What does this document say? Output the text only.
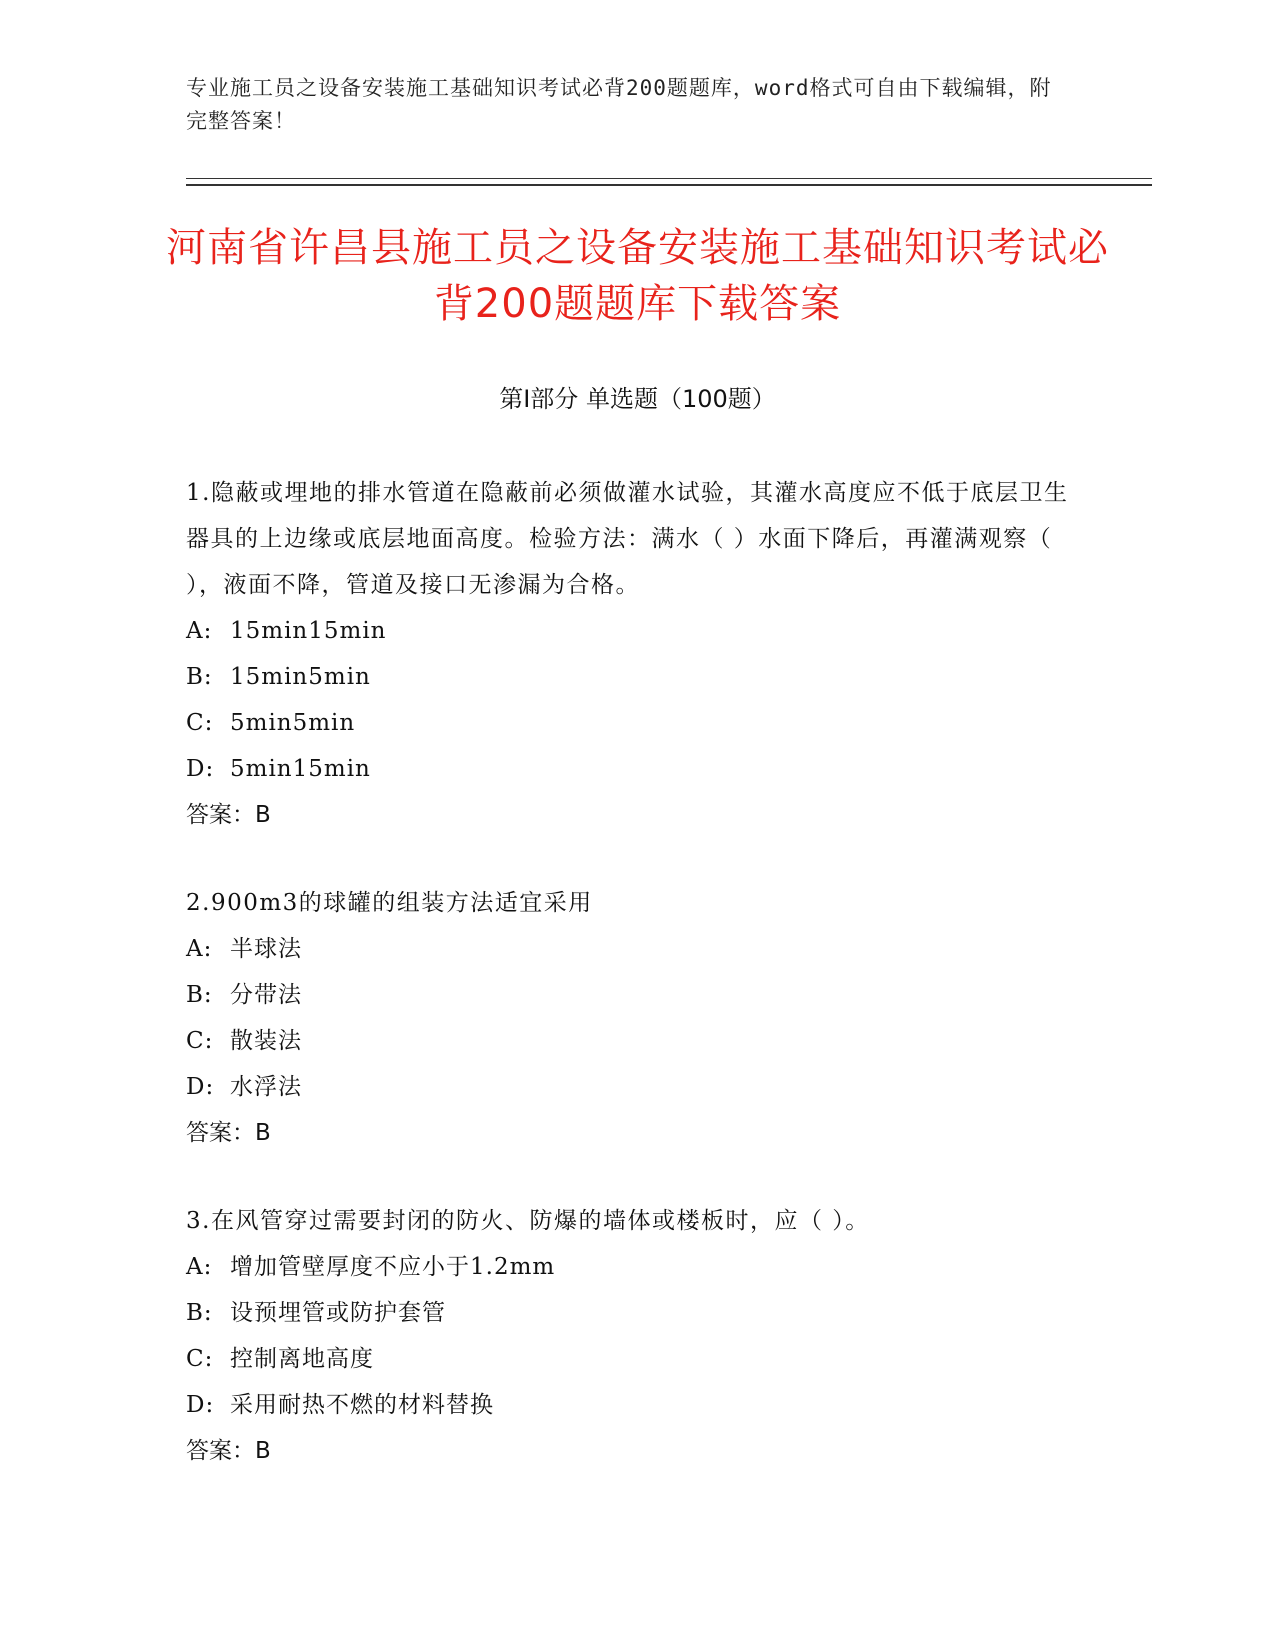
专业施工员之设备安装施工基础知识考试必背200题题库，word格式可自由下载编辑，附完整答案！
河南省许昌县施工员之设备安装施工基础知识考试必背200题题库下载答案
第Ⅰ部分 单选题（100题）

1.隐蔽或埋地的排水管道在隐蔽前必须做灌水试验，其灌水高度应不低于底层卫生器具的上边缘或底层地面高度。检验方法：满水（ ）水面下降后，再灌满观察（ ），液面不降，管道及接口无渗漏为合格。

A: 15min15min

B: 15min5min

C: 5min5min

D: 5min15min

答案：B

2.900m3的球罐的组装方法适宜采用

A: 半球法

B: 分带法

C: 散装法

D: 水浮法

答案：B

3.在风管穿过需要封闭的防火、防爆的墙体或楼板时，应（ ）。

A: 增加管壁厚度不应小于1.2mm

B: 设预埋管或防护套管

C: 控制离地高度

D: 采用耐热不燃的材料替换

答案：B
